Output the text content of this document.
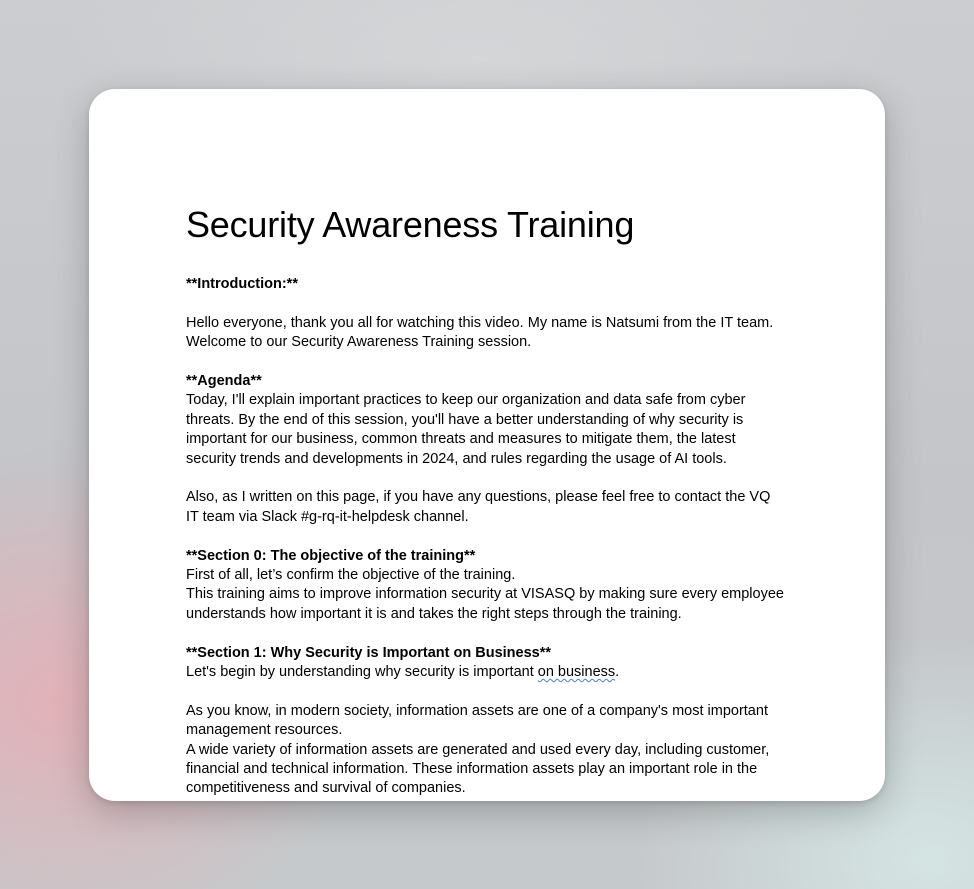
Security Awareness Training

**Introduction:**

Hello everyone, thank you all for watching this video. My name is Natsumi from the IT team. Welcome to our Security Awareness Training session.

**Agenda**

Today, I'll explain important practices to keep our organization and data safe from cyber threats. By the end of this session, you'll have a better understanding of why security is important for our business, common threats and measures to mitigate them, the latest security trends and developments in 2024, and rules regarding the usage of AI tools.

Also, as I written on this page, if you have any questions, please feel free to contact the VQ IT team via Slack #g-rq-it-helpdesk channel.

**Section 0: The objective of the training**

First of all, let’s confirm the objective of the training.

This training aims to improve information security at VISASQ by making sure every employee understands how important it is and takes the right steps through the training.

**Section 1: Why Security is Important on Business**

Let's begin by understanding why security is important on business.

As you know, in modern society, information assets are one of a company's most important management resources.

A wide variety of information assets are generated and used every day, including customer, financial and technical information. These information assets play an important role in the competitiveness and survival of companies.
